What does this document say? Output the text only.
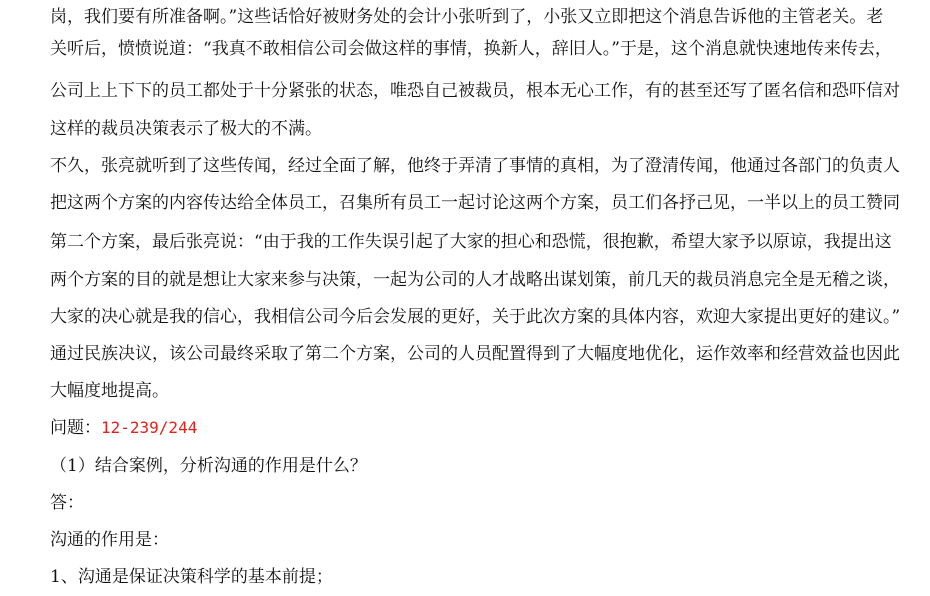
岗，我们要有所准备啊。”这些话恰好被财务处的会计小张听到了，小张又立即把这个消息告诉他的主管老关。老
关听后，愤愤说道：“我真不敢相信公司会做这样的事情，换新人，辞旧人。”于是，这个消息就快速地传来传去，
公司上上下下的员工都处于十分紧张的状态，唯恐自己被裁员，根本无心工作，有的甚至还写了匿名信和恐吓信对
这样的裁员决策表示了极大的不满。
不久，张亮就听到了这些传闻，经过全面了解，他终于弄清了事情的真相，为了澄清传闻，他通过各部门的负责人
把这两个方案的内容传达给全体员工，召集所有员工一起讨论这两个方案，员工们各抒己见，一半以上的员工赞同
第二个方案，最后张亮说：“由于我的工作失误引起了大家的担心和恐慌，很抱歉，希望大家予以原谅，我提出这
两个方案的目的就是想让大家来参与决策，一起为公司的人才战略出谋划策，前几天的裁员消息完全是无稽之谈，
大家的决心就是我的信心，我相信公司今后会发展的更好，关于此次方案的具体内容，欢迎大家提出更好的建议。”
通过民族决议，该公司最终采取了第二个方案，公司的人员配置得到了大幅度地优化，运作效率和经营效益也因此
大幅度地提高。
问题：12-239/244
（1）结合案例，分析沟通的作用是什么？
答：
沟通的作用是：
1、沟通是保证决策科学的基本前提；
